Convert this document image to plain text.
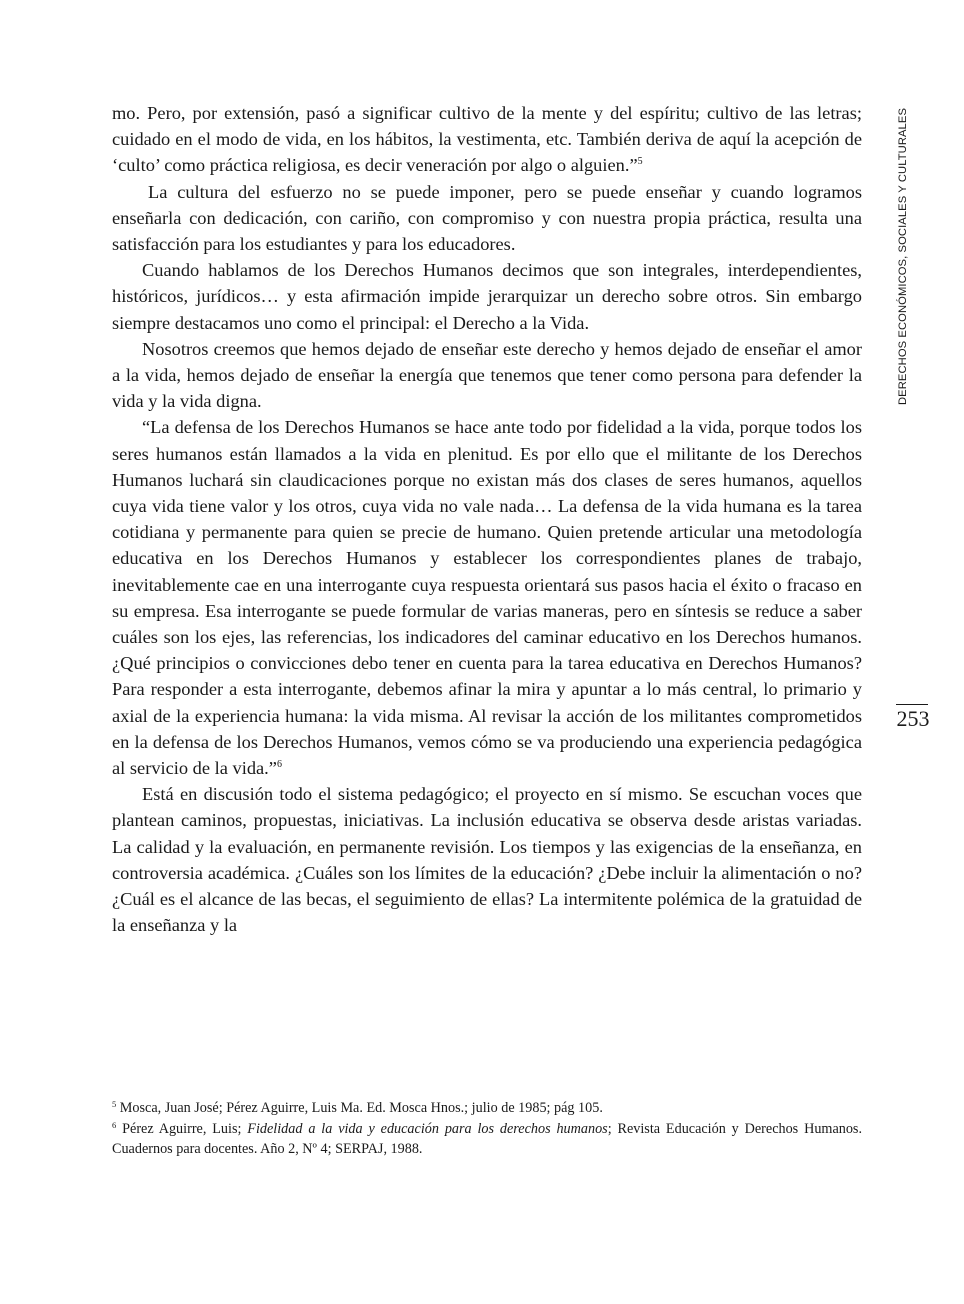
mo. Pero, por extensión, pasó a significar cultivo de la mente y del espíritu; cultivo de las letras; cuidado en el modo de vida, en los hábitos, la vestimenta, etc. También deriva de aquí la acepción de ‘culto’ como práctica religiosa, es decir veneración por algo o alguien.”$^5$

La cultura del esfuerzo no se puede imponer, pero se puede enseñar y cuando logramos enseñarla con dedicación, con cariño, con compromiso y con nuestra propia práctica, resulta una satisfacción para los estudiantes y para los educadores.

Cuando hablamos de los Derechos Humanos decimos que son integrales, interdependientes, históricos, jurídicos… y esta afirmación impide jerarquizar un derecho sobre otros. Sin embargo siempre destacamos uno como el principal: el Derecho a la Vida.

Nosotros creemos que hemos dejado de enseñar este derecho y hemos dejado de enseñar el amor a la vida, hemos dejado de enseñar la energía que tenemos que tener como persona para defender la vida y la vida digna.

“La defensa de los Derechos Humanos se hace ante todo por fidelidad a la vida, porque todos los seres humanos están llamados a la vida en plenitud. Es por ello que el militante de los Derechos Humanos luchará sin claudicaciones porque no existan más dos clases de seres humanos, aquellos cuya vida tiene valor y los otros, cuya vida no vale nada… La defensa de la vida humana es la tarea cotidiana y permanente para quien se precie de humano. Quien pretende articular una metodología educativa en los Derechos Humanos y establecer los correspondientes planes de trabajo, inevitablemente cae en una interrogante cuya respuesta orientará sus pasos hacia el éxito o fracaso en su empresa. Esa interrogante se puede formular de varias maneras, pero en síntesis se reduce a saber cuáles son los ejes, las referencias, los indicadores del caminar educativo en los Derechos humanos. ¿Qué principios o convicciones debo tener en cuenta para la tarea educativa en Derechos Humanos? Para responder a esta interrogante, debemos afinar la mira y apuntar a lo más central, lo primario y axial de la experiencia humana: la vida misma. Al revisar la acción de los militantes comprometidos en la defensa de los Derechos Humanos, vemos cómo se va produciendo una experiencia pedagógica al servicio de la vida.”$^6$

Está en discusión todo el sistema pedagógico; el proyecto en sí mismo. Se escuchan voces que plantean caminos, propuestas, iniciativas. La inclusión educativa se observa desde aristas variadas. La calidad y la evaluación, en permanente revisión. Los tiempos y las exigencias de la enseñanza, en controversia académica. ¿Cuáles son los límites de la educación? ¿Debe incluir la alimentación o no? ¿Cuál es el alcance de las becas, el seguimiento de ellas? La intermitente polémica de la gratuidad de la enseñanza y la

$^5$ Mosca, Juan José; Pérez Aguirre, Luis Ma. Ed. Mosca Hnos.; julio de 1985; pág 105.

$^6$ Pérez Aguirre, Luis; Fidelidad a la vida y educación para los derechos humanos; Revista Educación y Derechos Humanos. Cuadernos para docentes. Año 2, Nº 4; SERPAJ, 1988.

DERECHOS ECONÓMICOS, SOCIALES Y CULTURALES
253
